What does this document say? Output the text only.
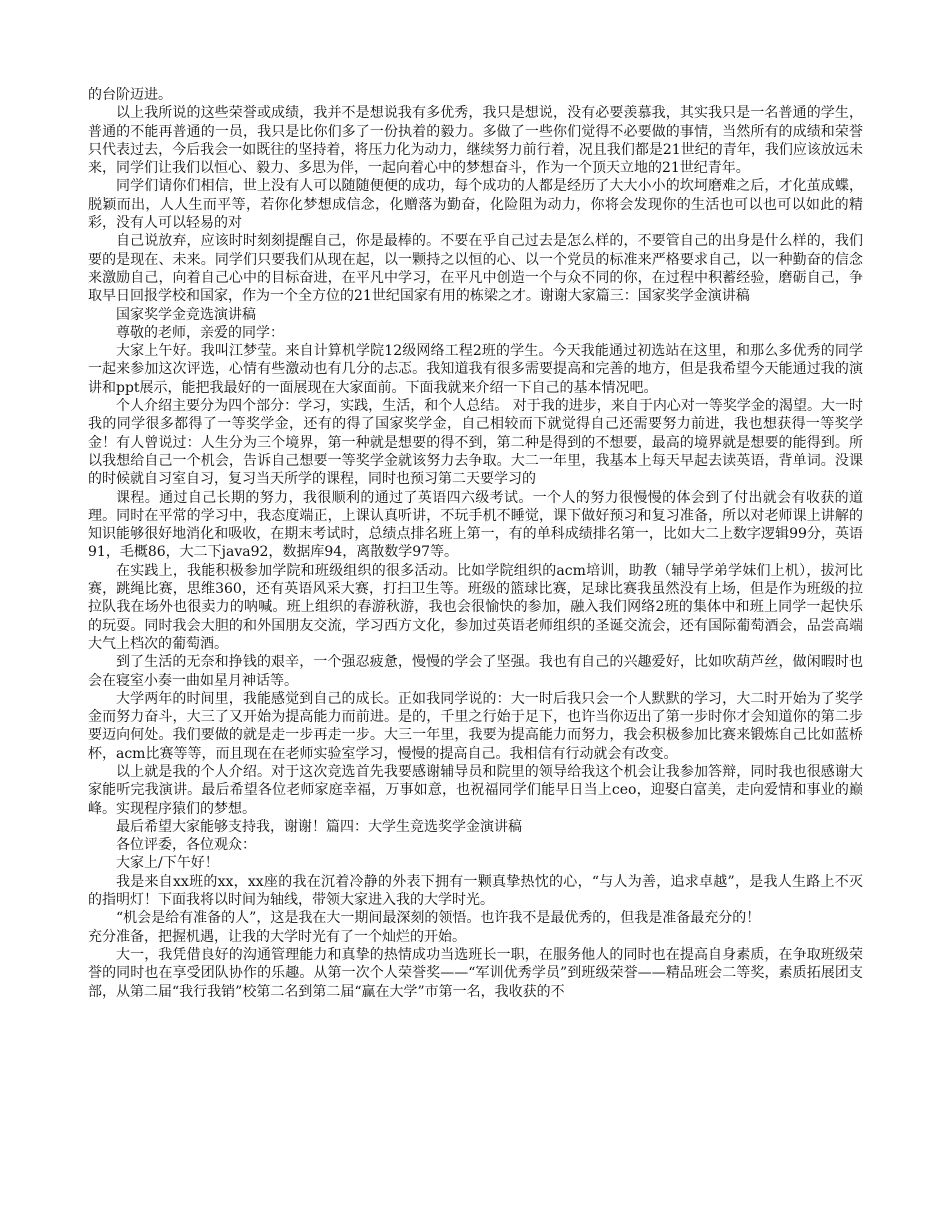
的台阶迈进。

以上我所说的这些荣誉或成绩，我并不是想说我有多优秀，我只是想说，没有必要羡慕我，其实我只是一名普通的学生，普通的不能再普通的一员，我只是比你们多了一份执着的毅力。多做了一些你们觉得不必要做的事情，当然所有的成绩和荣誉只代表过去，今后我会一如既往的坚持着，将压力化为动力，继续努力前行着，况且我们都是21世纪的青年，我们应该放远未来，同学们让我们以恒心、毅力、多思为伴，一起向着心中的梦想奋斗，作为一个顶天立地的21世纪青年。

同学们请你们相信，世上没有人可以随随便便的成功，每个成功的人都是经历了大大小小的坎坷磨难之后，才化茧成蝶，脱颖而出，人人生而平等，若你化梦想成信念，化赠落为勤奋，化险阻为动力，你将会发现你的生活也可以也可以如此的精彩，没有人可以轻易的对

自己说放弃，应该时时刻刻提醒自己，你是最棒的。不要在乎自己过去是怎么样的，不要管自己的出身是什么样的，我们要的是现在、未来。同学们只要我们从现在起，以一颗持之以恒的心、以一个党员的标准来严格要求自己，以一种勤奋的信念来激励自己，向着自己心中的目标奋进，在平凡中学习，在平凡中创造一个与众不同的你，在过程中积蓄经验，磨砺自己，争取早日回报学校和国家，作为一个全方位的21世纪国家有用的栋梁之才。谢谢大家篇三：国家奖学金演讲稿

国家奖学金竞选演讲稿

尊敬的老师，亲爱的同学：

大家上午好。我叫江梦莹。来自计算机学院12级网络工程2班的学生。今天我能通过初选站在这里，和那么多优秀的同学一起来参加这次评选，心情有些激动也有几分的忐忑。我知道我有很多需要提高和完善的地方，但是我希望今天能通过我的演讲和ppt展示，能把我最好的一面展现在大家面前。下面我就来介绍一下自己的基本情况吧。

个人介绍主要分为四个部分：学习，实践，生活，和个人总结。 对于我的进步，来自于内心对一等奖学金的渴望。大一时我的同学很多都得了一等奖学金，还有的得了国家奖学金，自己相较而下就觉得自己还需要努力前进，我也想获得一等奖学金！有人曾说过：人生分为三个境界，第一种就是想要的得不到，第二种是得到的不想要，最高的境界就是想要的能得到。所以我想给自己一个机会，告诉自己想要一等奖学金就该努力去争取。大二一年里，我基本上每天早起去读英语，背单词。没课的时候就自习室自习，复习当天所学的课程，同时也预习第二天要学习的

课程。通过自己长期的努力，我很顺利的通过了英语四六级考试。一个人的努力很慢慢的体会到了付出就会有收获的道理。同时在平常的学习中，我态度端正，上课认真听讲，不玩手机不睡觉，课下做好预习和复习准备，所以对老师课上讲解的知识能够很好地消化和吸收，在期末考试时，总绩点排名班上第一，有的单科成绩排名第一，比如大二上数字逻辑99分，英语91，毛概86，大二下java92，数据库94，离散数学97等。

在实践上，我能积极参加学院和班级组织的很多活动。比如学院组织的acm培训，助教（辅导学弟学妹们上机），拔河比赛，跳绳比赛，思维360，还有英语风采大赛，打扫卫生等。班级的篮球比赛，足球比赛我虽然没有上场，但是作为班级的拉拉队我在场外也很卖力的呐喊。班上组织的春游秋游，我也会很愉快的参加，融入我们网络2班的集体中和班上同学一起快乐的玩耍。同时我会大胆的和外国朋友交流，学习西方文化，参加过英语老师组织的圣诞交流会，还有国际葡萄酒会，品尝高端大气上档次的葡萄酒。

到了生活的无奈和挣钱的艰辛，一个强忍疲惫，慢慢的学会了坚强。我也有自己的兴趣爱好，比如吹葫芦丝，做闲暇时也会在寝室小奏一曲如星月神话等。

大学两年的时间里，我能感觉到自己的成长。正如我同学说的：大一时后我只会一个人默默的学习，大二时开始为了奖学金而努力奋斗，大三了又开始为提高能力而前进。是的，千里之行始于足下，也许当你迈出了第一步时你才会知道你的第二步要迈向何处。我们要做的就是走一步再走一步。大三一年里，我要为提高能力而努力，我会积极参加比赛来锻炼自己比如蓝桥杯，acm比赛等等，而且现在在老师实验室学习，慢慢的提高自己。我相信有行动就会有改变。

以上就是我的个人介绍。对于这次竞选首先我要感谢辅导员和院里的领导给我这个机会让我参加答辩，同时我也很感谢大家能听完我演讲。最后希望各位老师家庭幸福，万事如意，也祝福同学们能早日当上ceo，迎娶白富美，走向爱情和事业的巅峰。实现程序猿们的梦想。

最后希望大家能够支持我，谢谢！篇四：大学生竞选奖学金演讲稿

各位评委，各位观众：

大家上/下午好！

我是来自xx班的xx，xx座的我在沉着冷静的外表下拥有一颗真挚热忱的心，“与人为善，追求卓越”，是我人生路上不灭的指明灯！下面我将以时间为轴线，带领大家进入我的大学时光。

“机会是给有准备的人”，这是我在大一期间最深刻的领悟。也许我不是最优秀的，但我是准备最充分的！

充分准备，把握机遇，让我的大学时光有了一个灿烂的开始。

大一，我凭借良好的沟通管理能力和真挚的热情成功当选班长一职，在服务他人的同时也在提高自身素质，在争取班级荣誉的同时也在享受团队协作的乐趣。从第一次个人荣誉奖——“军训优秀学员”到班级荣誉——精品班会二等奖，素质拓展团支部，从第二届“我行我销”校第二名到第二届“赢在大学”市第一名，我收获的不
